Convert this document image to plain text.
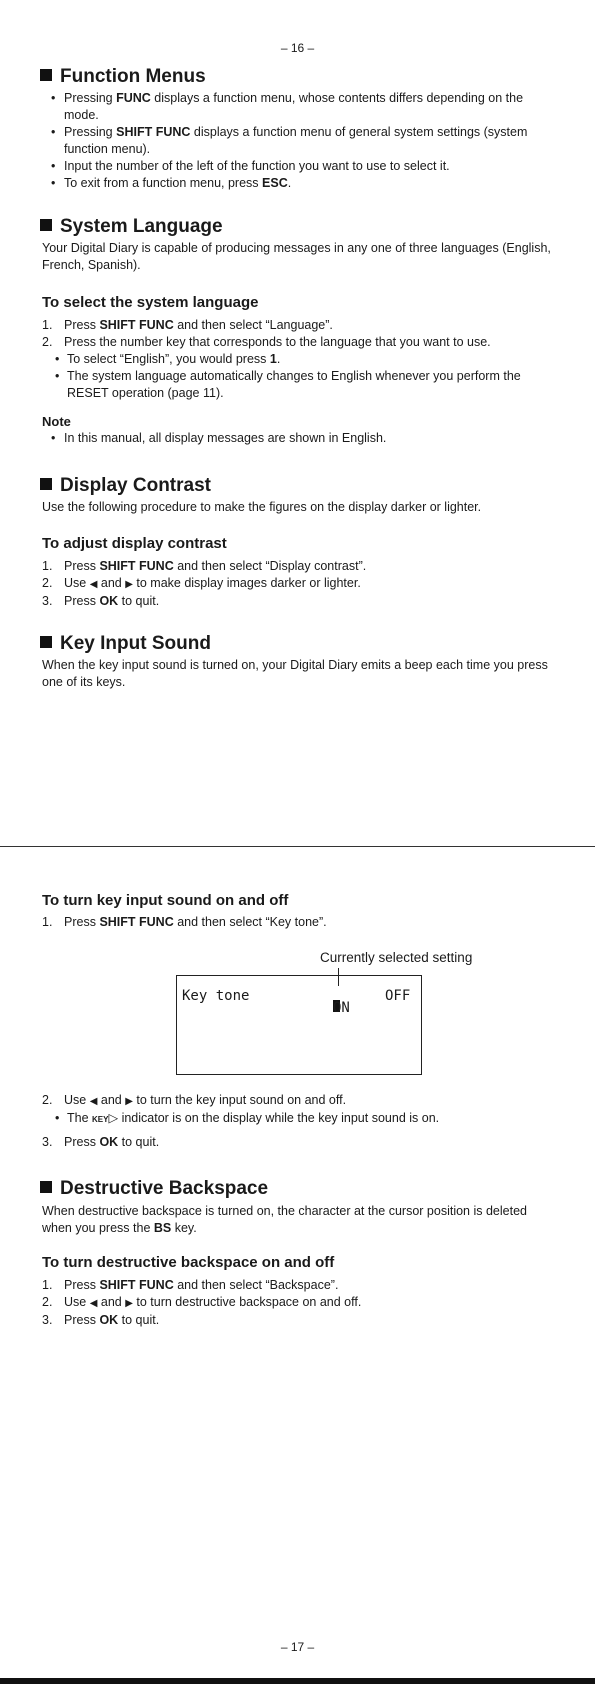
– 16 –
Function Menus
• Pressing FUNC displays a function menu, whose contents differs depending on the mode.
• Pressing SHIFT FUNC displays a function menu of general system settings (system function menu).
• Input the number of the left of the function you want to use to select it.
• To exit from a function menu, press ESC.
System Language

Your Digital Diary is capable of producing messages in any one of three languages (English, French, Spanish).

To select the system language
1. Press SHIFT FUNC and then select “Language”.
2. Press the number key that corresponds to the language that you want to use.
• To select “English”, you would press 1.
• The system language automatically changes to English whenever you perform the RESET operation (page 11).
Note
• In this manual, all display messages are shown in English.
Display Contrast

Use the following procedure to make the figures on the display darker or lighter.

To adjust display contrast
1. Press SHIFT FUNC and then select “Display contrast”.
2. Use ◀ and ▶ to make display images darker or lighter.
3. Press OK to quit.
Key Input Sound

When the key input sound is turned on, your Digital Diary emits a beep each time you press one of its keys.

To turn key input sound on and off
1. Press SHIFT FUNC and then select “Key tone”.
Currently selected setting
Key tone
ON
OFF
2. Use ◀ and ▶ to turn the key input sound on and off.
• The KEY▷ indicator is on the display while the key input sound is on.
3. Press OK to quit.
Destructive Backspace

When destructive backspace is turned on, the character at the cursor position is deleted when you press the BS key.

To turn destructive backspace on and off
1. Press SHIFT FUNC and then select “Backspace”.
2. Use ◀ and ▶ to turn destructive backspace on and off.
3. Press OK to quit.
– 17 –
